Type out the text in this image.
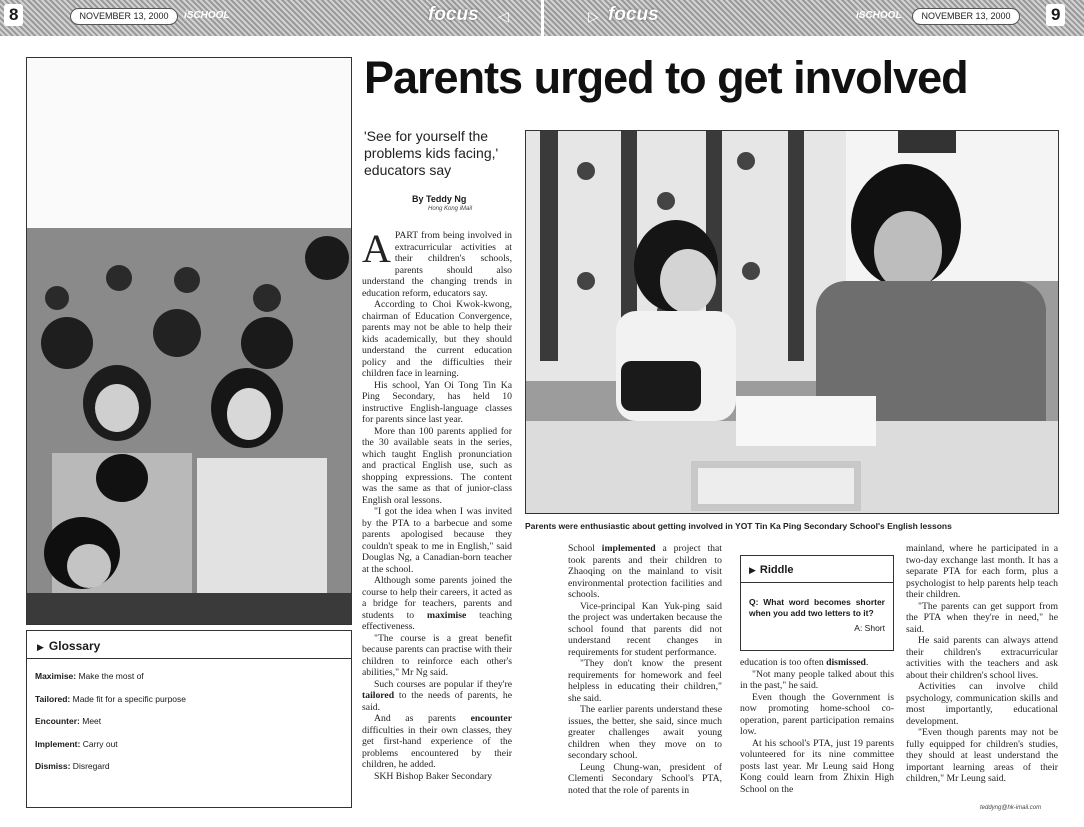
8	NOVEMBER 13, 2000	iSCHOOL	focus ◁	▷ focus	iSCHOOL	NOVEMBER 13, 2000	9
Parents urged to get involved
'See for yourself the problems kids facing,' educators say
By Teddy Ng
Hong Kong iMail
Parents were enthusiastic about getting involved in YOT Tin Ka Ping Secondary School's English lessons

APART from being involved in extracurricular activities at their children's schools, parents should also understand the changing trends in education reform, educators say.

According to Choi Kwok-kwong, chairman of Education Convergence, parents may not be able to help their kids academically, but they should understand the current education policy and the difficulties their children face in learning.

His school, Yan Oi Tong Tin Ka Ping Secondary, has held 10 instructive English-language classes for parents since last year.

More than 100 parents applied for the 30 available seats in the series, which taught English pronunciation and practical English use, such as shopping expressions. The content was the same as that of junior-class English oral lessons.

"I got the idea when I was invited by the PTA to a barbecue and some parents apologised because they couldn't speak to me in English," said Douglas Ng, a Canadian-born teacher at the school.

Although some parents joined the course to help their careers, it acted as a bridge for teachers, parents and students to maximise teaching effectiveness.

"The course is a great benefit because parents can practise with their children to reinforce each other's abilities," Mr Ng said.

Such courses are popular if they're tailored to the needs of parents, he said.

And as parents encounter difficulties in their own classes, they get first-hand experience of the problems encountered by their children, he added.

SKH Bishop Baker Secondary

School implemented a project that took parents and their children to Zhaoqing on the mainland to visit environmental protection facilities and schools.

Vice-principal Kan Yuk-ping said the project was undertaken because the school found that parents did not understand recent changes in requirements for student performance.

"They don't know the present requirements for homework and feel helpless in educating their children," she said.

The earlier parents understand these issues, the better, she said, since much greater challenges await young children when they move on to secondary school.

Leung Chung-wan, president of Clementi Secondary School's PTA, noted that the role of parents in

▶ Riddle
Q: What word becomes shorter when you add two letters to it?
A: Short

education is too often dismissed.

"Not many people talked about this in the past," he said.

Even though the Government is now promoting home-school co-operation, parent participation remains low.

At his school's PTA, just 19 parents volunteered for its nine committee posts last year. Mr Leung said Hong Kong could learn from Zhixin High School on the

mainland, where he participated in a two-day exchange last month. It has a separate PTA for each form, plus a psychologist to help parents help teach their children.

"The parents can get support from the PTA when they're in need," he said.

He said parents can always attend their children's extracurricular activities with the teachers and ask about their children's school lives.

Activities can involve child psychology, communication skills and most importantly, educational development.

"Even though parents may not be fully equipped for children's studies, they should at least understand the important learning areas of their children," Mr Leung said.

teddyng@hk-imail.com
▶ Glossary
Maximise: Make the most of
Tailored: Made fit for a specific purpose
Encounter: Meet
Implement: Carry out
Dismiss: Disregard
